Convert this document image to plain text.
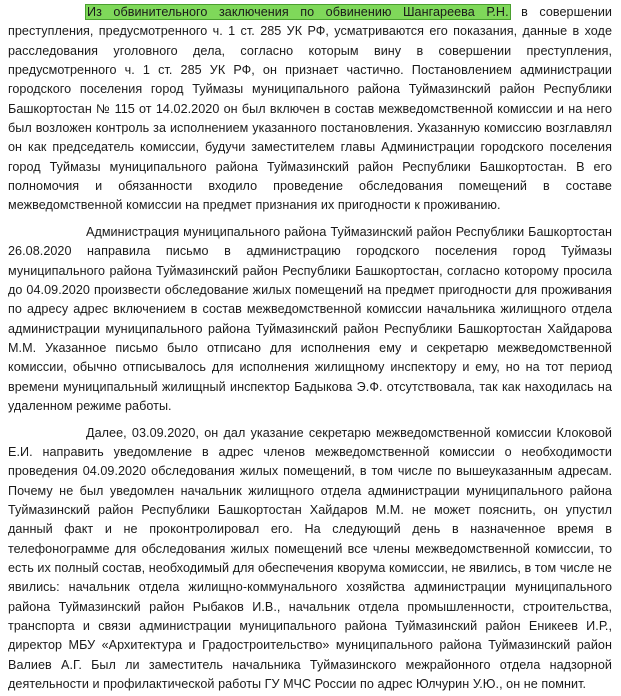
Из обвинительного заключения по обвинению Шангареева Р.Н. в совершении преступления, предусмотренного ч. 1 ст. 285 УК РФ, усматриваются его показания, данные в ходе расследования уголовного дела, согласно которым вину в совершении преступления, предусмотренного ч. 1 ст. 285 УК РФ, он признает частично. Постановлением администрации городского поселения город Туймазы муниципального района Туймазинский район Республики Башкортостан № 115 от 14.02.2020 он был включен в состав межведомственной комиссии и на него был возложен контроль за исполнением указанного постановления. Указанную комиссию возглавлял он как председатель комиссии, будучи заместителем главы Администрации городского поселения город Туймазы муниципального района Туймазинский район Республики Башкортостан. В его полномочия и обязанности входило проведение обследования помещений в составе межведомственной комиссии на предмет признания их пригодности к проживанию.

Администрация муниципального района Туймазинский район Республики Башкортостан 26.08.2020 направила письмо в администрацию городского поселения город Туймазы муниципального района Туймазинский район Республики Башкортостан, согласно которому просила до 04.09.2020 произвести обследование жилых помещений на предмет пригодности для проживания по адресу адрес включением в состав межведомственной комиссии начальника жилищного отдела администрации муниципального района Туймазинский район Республики Башкортостан Хайдарова М.М. Указанное письмо было отписано для исполнения ему и секретарю межведомственной комиссии, обычно отписывалось для исполнения жилищному инспектору и ему, но на тот период времени муниципальный жилищный инспектор Бадыкова Э.Ф. отсутствовала, так как находилась на удаленном режиме работы.

Далее, 03.09.2020, он дал указание секретарю межведомственной комиссии Клоковой Е.И. направить уведомление в адрес членов межведомственной комиссии о необходимости проведения 04.09.2020 обследования жилых помещений, в том числе по вышеуказанным адресам. Почему не был уведомлен начальник жилищного отдела администрации муниципального района Туймазинский район Республики Башкортостан Хайдаров М.М. не может пояснить, он упустил данный факт и не проконтролировал его. На следующий день в назначенное время в телефонограмме для обследования жилых помещений все члены межведомственной комиссии, то есть их полный состав, необходимый для обеспечения кворума комиссии, не явились, в том числе не явились: начальник отдела жилищно-коммунального хозяйства администрации муниципального района Туймазинский район Рыбаков И.В., начальник отдела промышленности, строительства, транспорта и связи администрации муниципального района Туймазинский район Еникеев И.Р., директор МБУ «Архитектура и Градостроительство» муниципального района Туймазинский район Валиев А.Г. Был ли заместитель начальника Туймазинского межрайонного отдела надзорной деятельности и профилактической работы ГУ МЧС России по адрес Юлчурин У.Ю., он не помнит.
